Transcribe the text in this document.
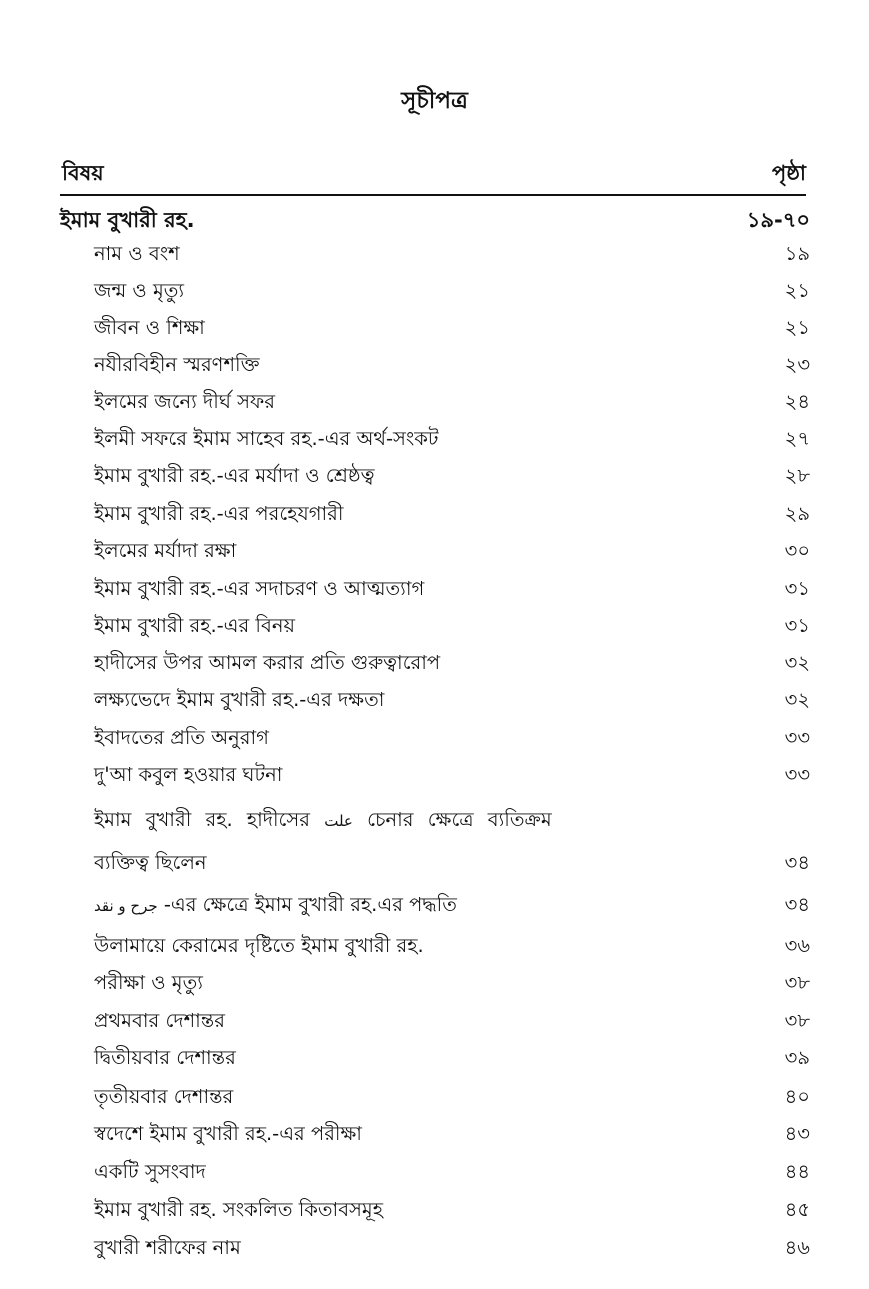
সূচীপত্র
বিষয়	পৃষ্ঠা
ইমাম বুখারী রহ.	১৯-৭০
নাম ও বংশ	১৯
জন্ম ও মৃত্যু	২১
জীবন ও শিক্ষা	২১
নযীরবিহীন স্মরণশক্তি	২৩
ইলমের জন্যে দীর্ঘ সফর	২৪
ইলমী সফরে ইমাম সাহেব রহ.-এর অর্থ-সংকট	২৭
ইমাম বুখারী রহ.-এর মর্যাদা ও শ্রেষ্ঠত্ব	২৮
ইমাম বুখারী রহ.-এর পরহেযগারী	২৯
ইলমের মর্যাদা রক্ষা	৩০
ইমাম বুখারী রহ.-এর সদাচরণ ও আত্মত্যাগ	৩১
ইমাম বুখারী রহ.-এর বিনয়	৩১
হাদীসের উপর আমল করার প্রতি গুরুত্বারোপ	৩২
লক্ষ্যভেদে ইমাম বুখারী রহ.-এর দক্ষতা	৩২
ইবাদতের প্রতি অনুরাগ	৩৩
দু'আ কবুল হওয়ার ঘটনা	৩৩
ইমাম বুখারী রহ. হাদীসের علت চেনার ক্ষেত্রে ব্যতিক্রম
ব্যক্তিত্ব ছিলেন	৩৪
جرح و نقد -এর ক্ষেত্রে ইমাম বুখারী রহ.এর পদ্ধতি	৩৪
উলামায়ে কেরামের দৃষ্টিতে ইমাম বুখারী রহ.	৩৬
পরীক্ষা ও মৃত্যু	৩৮
প্রথমবার দেশান্তর	৩৮
দ্বিতীয়বার দেশান্তর	৩৯
তৃতীয়বার দেশান্তর	৪০
স্বদেশে ইমাম বুখারী রহ.-এর পরীক্ষা	৪৩
একটি সুসংবাদ	৪৪
ইমাম বুখারী রহ. সংকলিত কিতাবসমূহ	৪৫
বুখারী শরীফের নাম	৪৬
